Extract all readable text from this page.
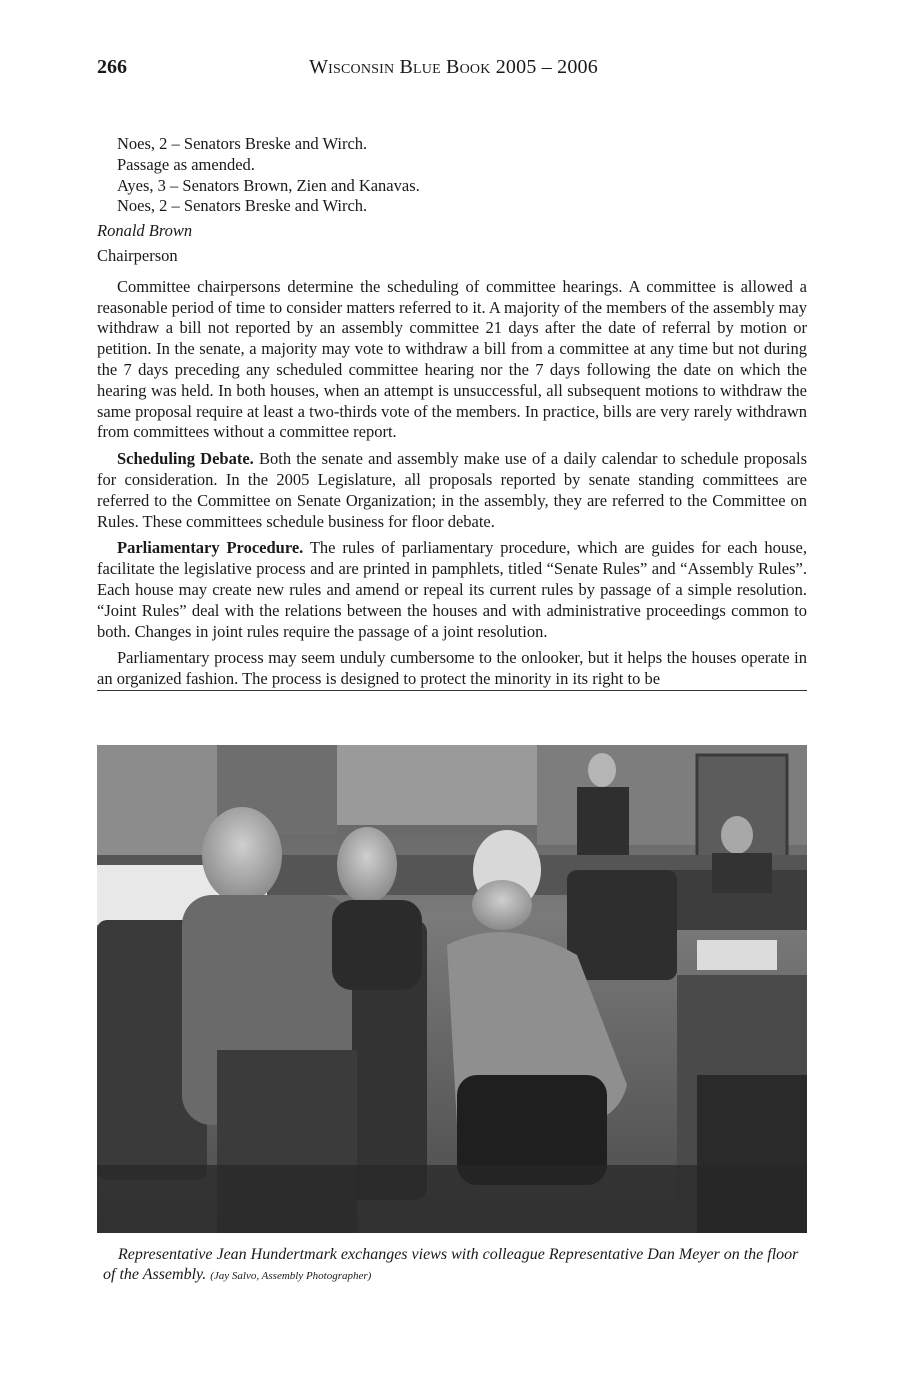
266	Wisconsin Blue Book 2005 – 2006

Noes, 2 – Senators Breske and Wirch.

Passage as amended.

Ayes, 3 – Senators Brown, Zien and Kanavas.

Noes, 2 – Senators Breske and Wirch.

Ronald Brown

Chairperson

Committee chairpersons determine the scheduling of committee hearings. A committee is allowed a reasonable period of time to consider matters referred to it. A majority of the members of the assembly may withdraw a bill not reported by an assembly committee 21 days after the date of referral by motion or petition. In the senate, a majority may vote to withdraw a bill from a committee at any time but not during the 7 days preceding any scheduled committee hearing nor the 7 days following the date on which the hearing was held. In both houses, when an attempt is unsuccessful, all subsequent motions to withdraw the same proposal require at least a two-thirds vote of the members. In practice, bills are very rarely withdrawn from committees without a committee report.

Scheduling Debate. Both the senate and assembly make use of a daily calendar to schedule proposals for consideration. In the 2005 Legislature, all proposals reported by senate standing committees are referred to the Committee on Senate Organization; in the assembly, they are referred to the Committee on Rules. These committees schedule business for floor debate.

Parliamentary Procedure. The rules of parliamentary procedure, which are guides for each house, facilitate the legislative process and are printed in pamphlets, titled “Senate Rules” and “Assembly Rules”. Each house may create new rules and amend or repeal its current rules by passage of a simple resolution. “Joint Rules” deal with the relations between the houses and with administrative proceedings common to both. Changes in joint rules require the passage of a joint resolution.

Parliamentary process may seem unduly cumbersome to the onlooker, but it helps the houses operate in an organized fashion. The process is designed to protect the minority in its right to be

Representative Jean Hundertmark exchanges views with colleague Representative Dan Meyer on the floor of the Assembly. (Jay Salvo, Assembly Photographer)
